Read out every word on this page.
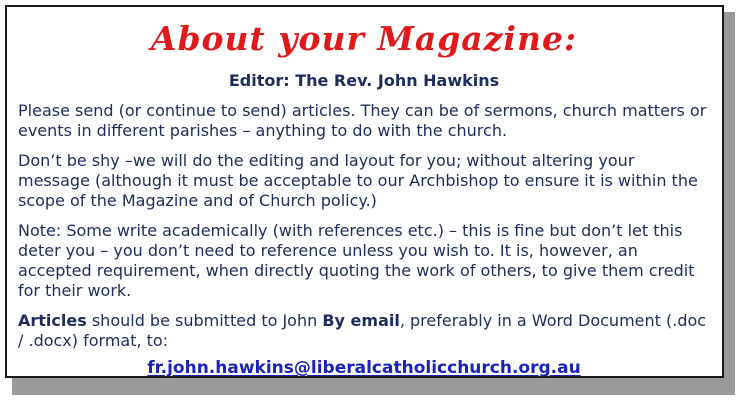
About your Magazine:
Editor: The Rev. John Hawkins

Please send (or continue to send) articles. They can be of sermons, church matters or events in different parishes – anything to do with the church.

Don’t be shy –we will do the editing and layout for you; without altering your message (although it must be acceptable to our Archbishop to ensure it is within the scope of the Magazine and of Church policy.)

Note: Some write academically (with references etc.) – this is fine but don’t let this deter you – you don’t need to reference unless you wish to. It is, however, an accepted requirement, when directly quoting the work of others, to give them credit for their work.

Articles should be submitted to John By email, preferably in a Word Document (.doc / .docx) format, to:

fr.john.hawkins@liberalcatholicchurch.org.au
